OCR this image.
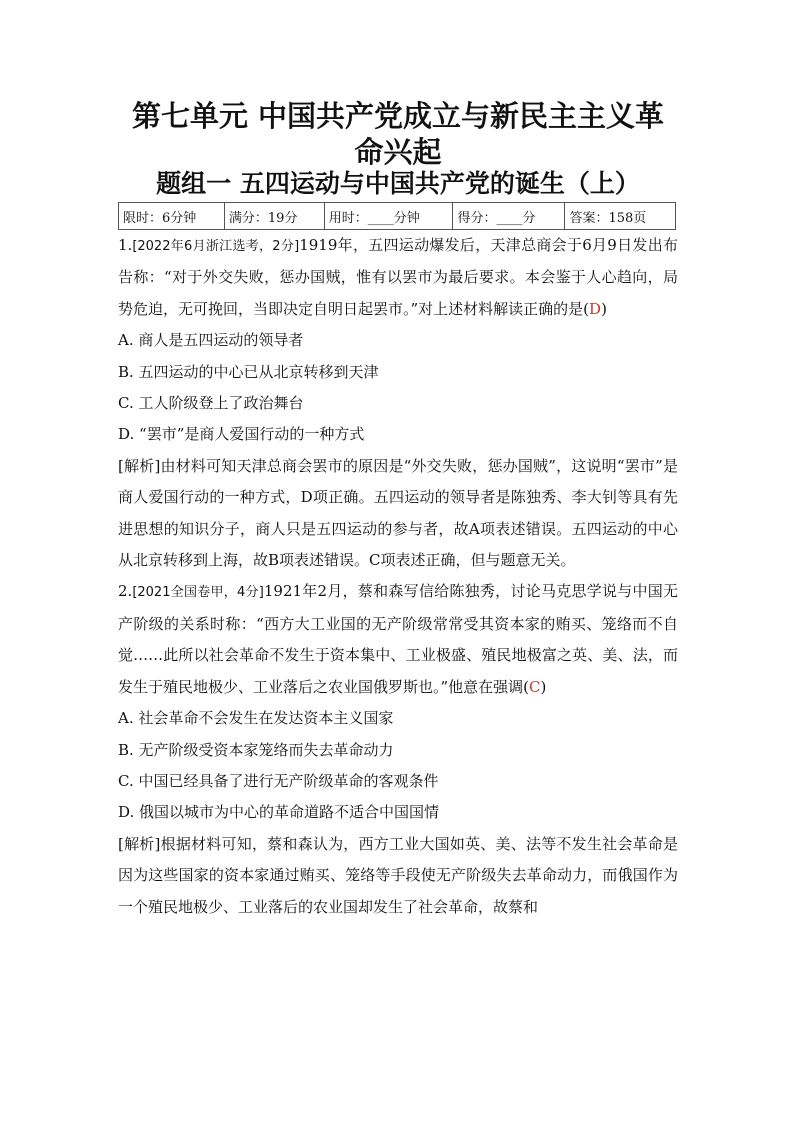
第七单元 中国共产党成立与新民主主义革命兴起
题组一 五四运动与中国共产党的诞生（上）
限时：6分钟	满分：19分	用时：____分钟	得分：____分	答案：158页

1.[2022年6月浙江选考，2分]1919年，五四运动爆发后，天津总商会于6月9日发出布告称：“对于外交失败，惩办国贼，惟有以罢市为最后要求。本会鉴于人心趋向，局势危迫，无可挽回，当即决定自明日起罢市。”对上述材料解读正确的是(D)

A. 商人是五四运动的领导者

B. 五四运动的中心已从北京转移到天津

C. 工人阶级登上了政治舞台

D. “罢市”是商人爱国行动的一种方式

[解析]由材料可知天津总商会罢市的原因是“外交失败，惩办国贼”，这说明“罢市”是商人爱国行动的一种方式，D项正确。五四运动的领导者是陈独秀、李大钊等具有先进思想的知识分子，商人只是五四运动的参与者，故A项表述错误。五四运动的中心从北京转移到上海，故B项表述错误。C项表述正确，但与题意无关。

2.[2021全国卷甲，4分]1921年2月，蔡和森写信给陈独秀，讨论马克思学说与中国无产阶级的关系时称：“西方大工业国的无产阶级常常受其资本家的贿买、笼络而不自觉……此所以社会革命不发生于资本集中、工业极盛、殖民地极富之英、美、法，而发生于殖民地极少、工业落后之农业国俄罗斯也。”他意在强调(C)

A. 社会革命不会发生在发达资本主义国家

B. 无产阶级受资本家笼络而失去革命动力

C. 中国已经具备了进行无产阶级革命的客观条件

D. 俄国以城市为中心的革命道路不适合中国国情

[解析]根据材料可知，蔡和森认为，西方工业大国如英、美、法等不发生社会革命是因为这些国家的资本家通过贿买、笼络等手段使无产阶级失去革命动力，而俄国作为一个殖民地极少、工业落后的农业国却发生了社会革命，故蔡和
